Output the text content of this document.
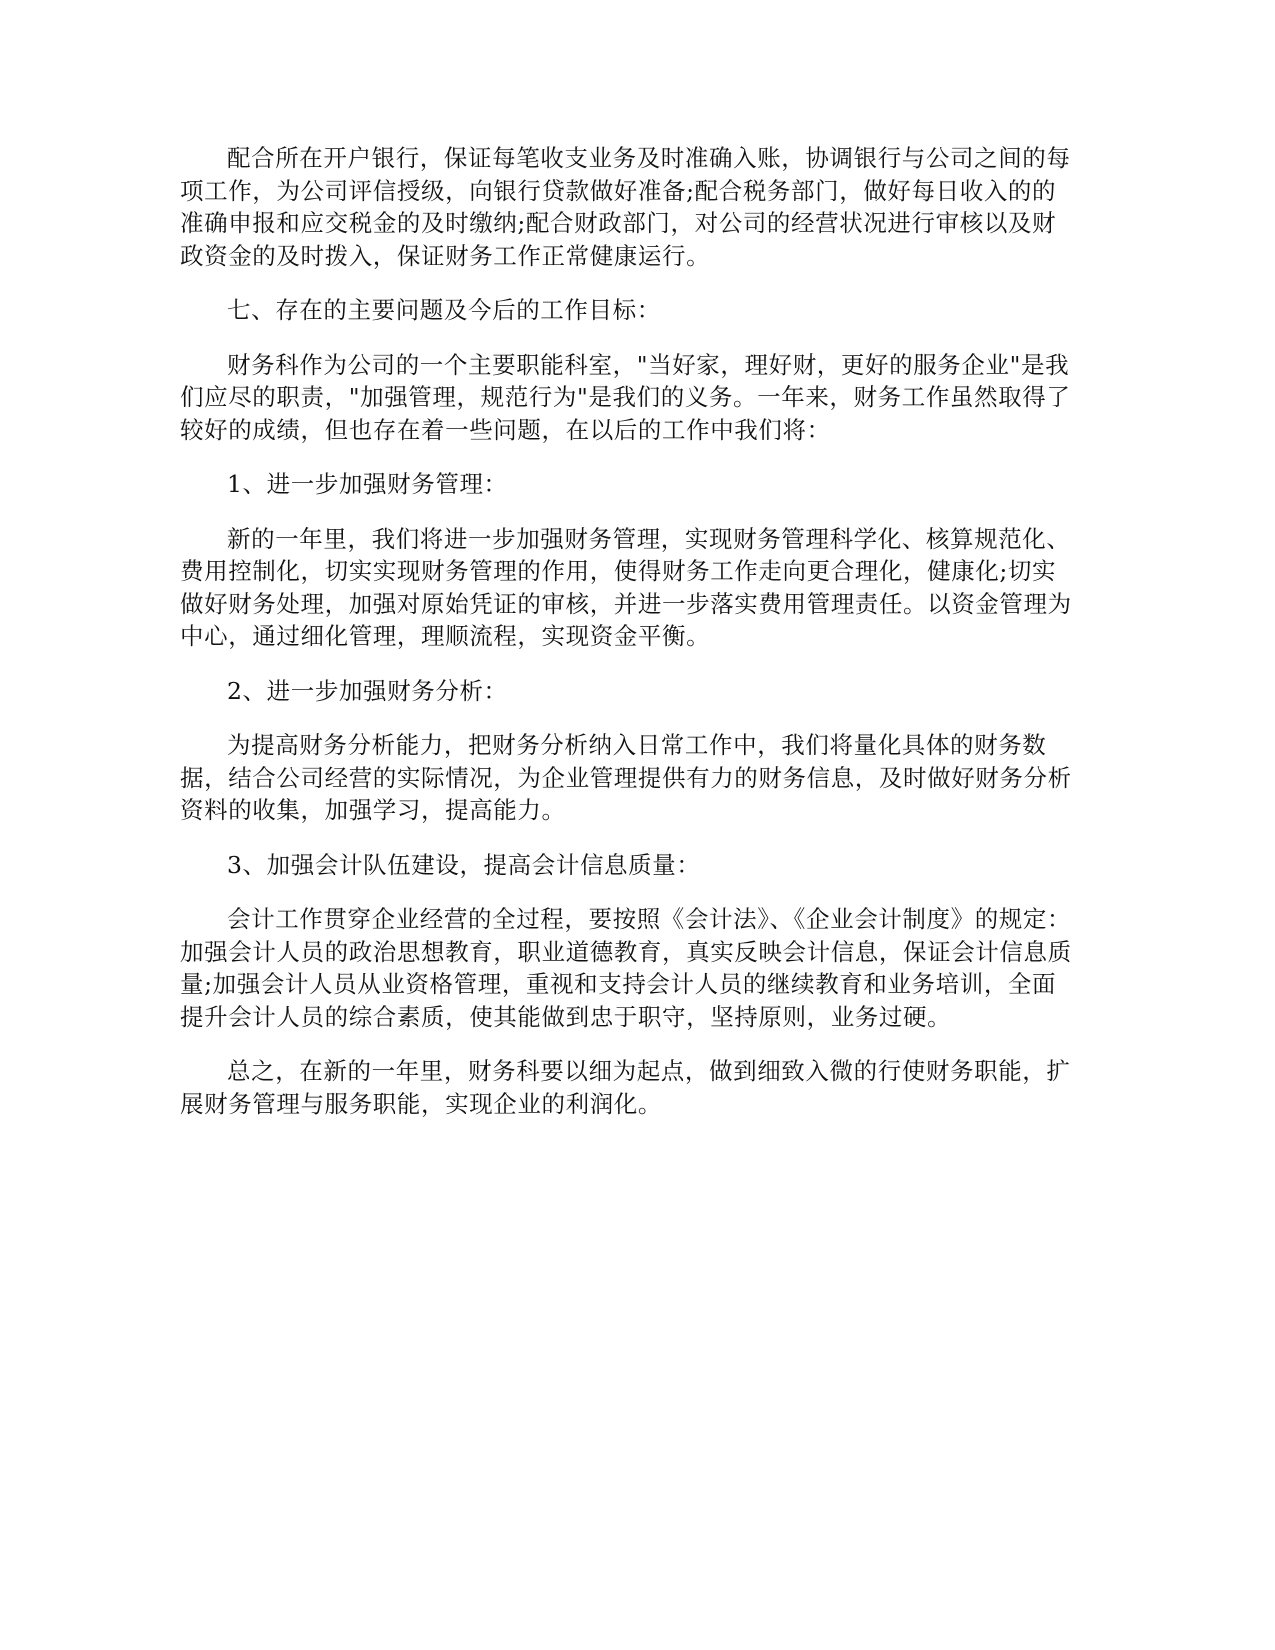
配合所在开户银行，保证每笔收支业务及时准确入账，协调银行与公司之间的每项工作，为公司评信授级，向银行贷款做好准备;配合税务部门，做好每日收入的的准确申报和应交税金的及时缴纳;配合财政部门，对公司的经营状况进行审核以及财政资金的及时拨入，保证财务工作正常健康运行。

七、存在的主要问题及今后的工作目标：

财务科作为公司的一个主要职能科室，"当好家，理好财，更好的服务企业"是我们应尽的职责，"加强管理，规范行为"是我们的义务。一年来，财务工作虽然取得了较好的成绩，但也存在着一些问题，在以后的工作中我们将：

1、进一步加强财务管理：

新的一年里，我们将进一步加强财务管理，实现财务管理科学化、核算规范化、费用控制化，切实实现财务管理的作用，使得财务工作走向更合理化，健康化;切实做好财务处理，加强对原始凭证的审核，并进一步落实费用管理责任。以资金管理为中心，通过细化管理，理顺流程，实现资金平衡。

2、进一步加强财务分析：

为提高财务分析能力，把财务分析纳入日常工作中，我们将量化具体的财务数据，结合公司经营的实际情况，为企业管理提供有力的财务信息，及时做好财务分析资料的收集，加强学习，提高能力。

3、加强会计队伍建设，提高会计信息质量：

会计工作贯穿企业经营的全过程，要按照《会计法》、《企业会计制度》的规定：加强会计人员的政治思想教育，职业道德教育，真实反映会计信息，保证会计信息质量;加强会计人员从业资格管理，重视和支持会计人员的继续教育和业务培训，全面提升会计人员的综合素质，使其能做到忠于职守，坚持原则，业务过硬。

总之，在新的一年里，财务科要以细为起点，做到细致入微的行使财务职能，扩展财务管理与服务职能，实现企业的利润化。
